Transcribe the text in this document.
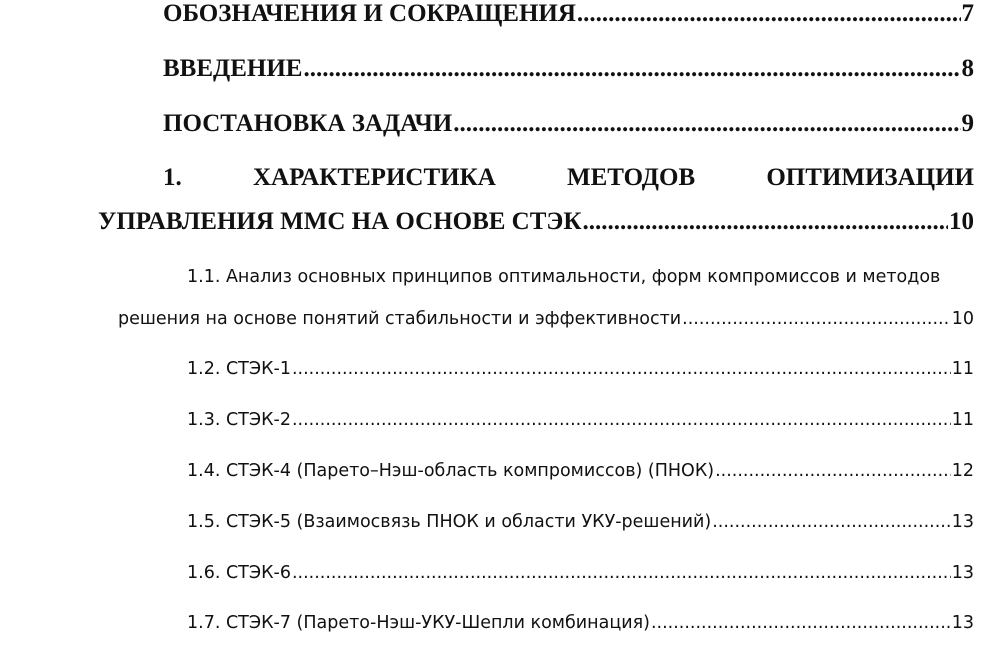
ОБОЗНАЧЕНИЯ И СОКРАЩЕНИЯ .....	7
ВВЕДЕНИЕ .....	8
ПОСТАНОВКА ЗАДАЧИ .....	9
1.	ХАРАКТЕРИСТИКА	МЕТОДОВ	ОПТИМИЗАЦИИ
УПРАВЛЕНИЯ ММС НА ОСНОВЕ СТЭК .....	10
1.1. Анализ основных принципов оптимальности, форм компромиссов и методов
решения на основе понятий стабильности и эффективности .....	10
1.2. СТЭК-1 .....	11
1.3. СТЭК-2 .....	11
1.4. СТЭК-4 (Парето–Нэш-область компромиссов) (ПНОК) .....	12
1.5. СТЭК-5 (Взаимосвязь ПНОК и области УКУ-решений) .....	13
1.6. СТЭК-6 .....	13
1.7. СТЭК-7 (Парето-Нэш-УКУ-Шепли комбинация) .....	13
